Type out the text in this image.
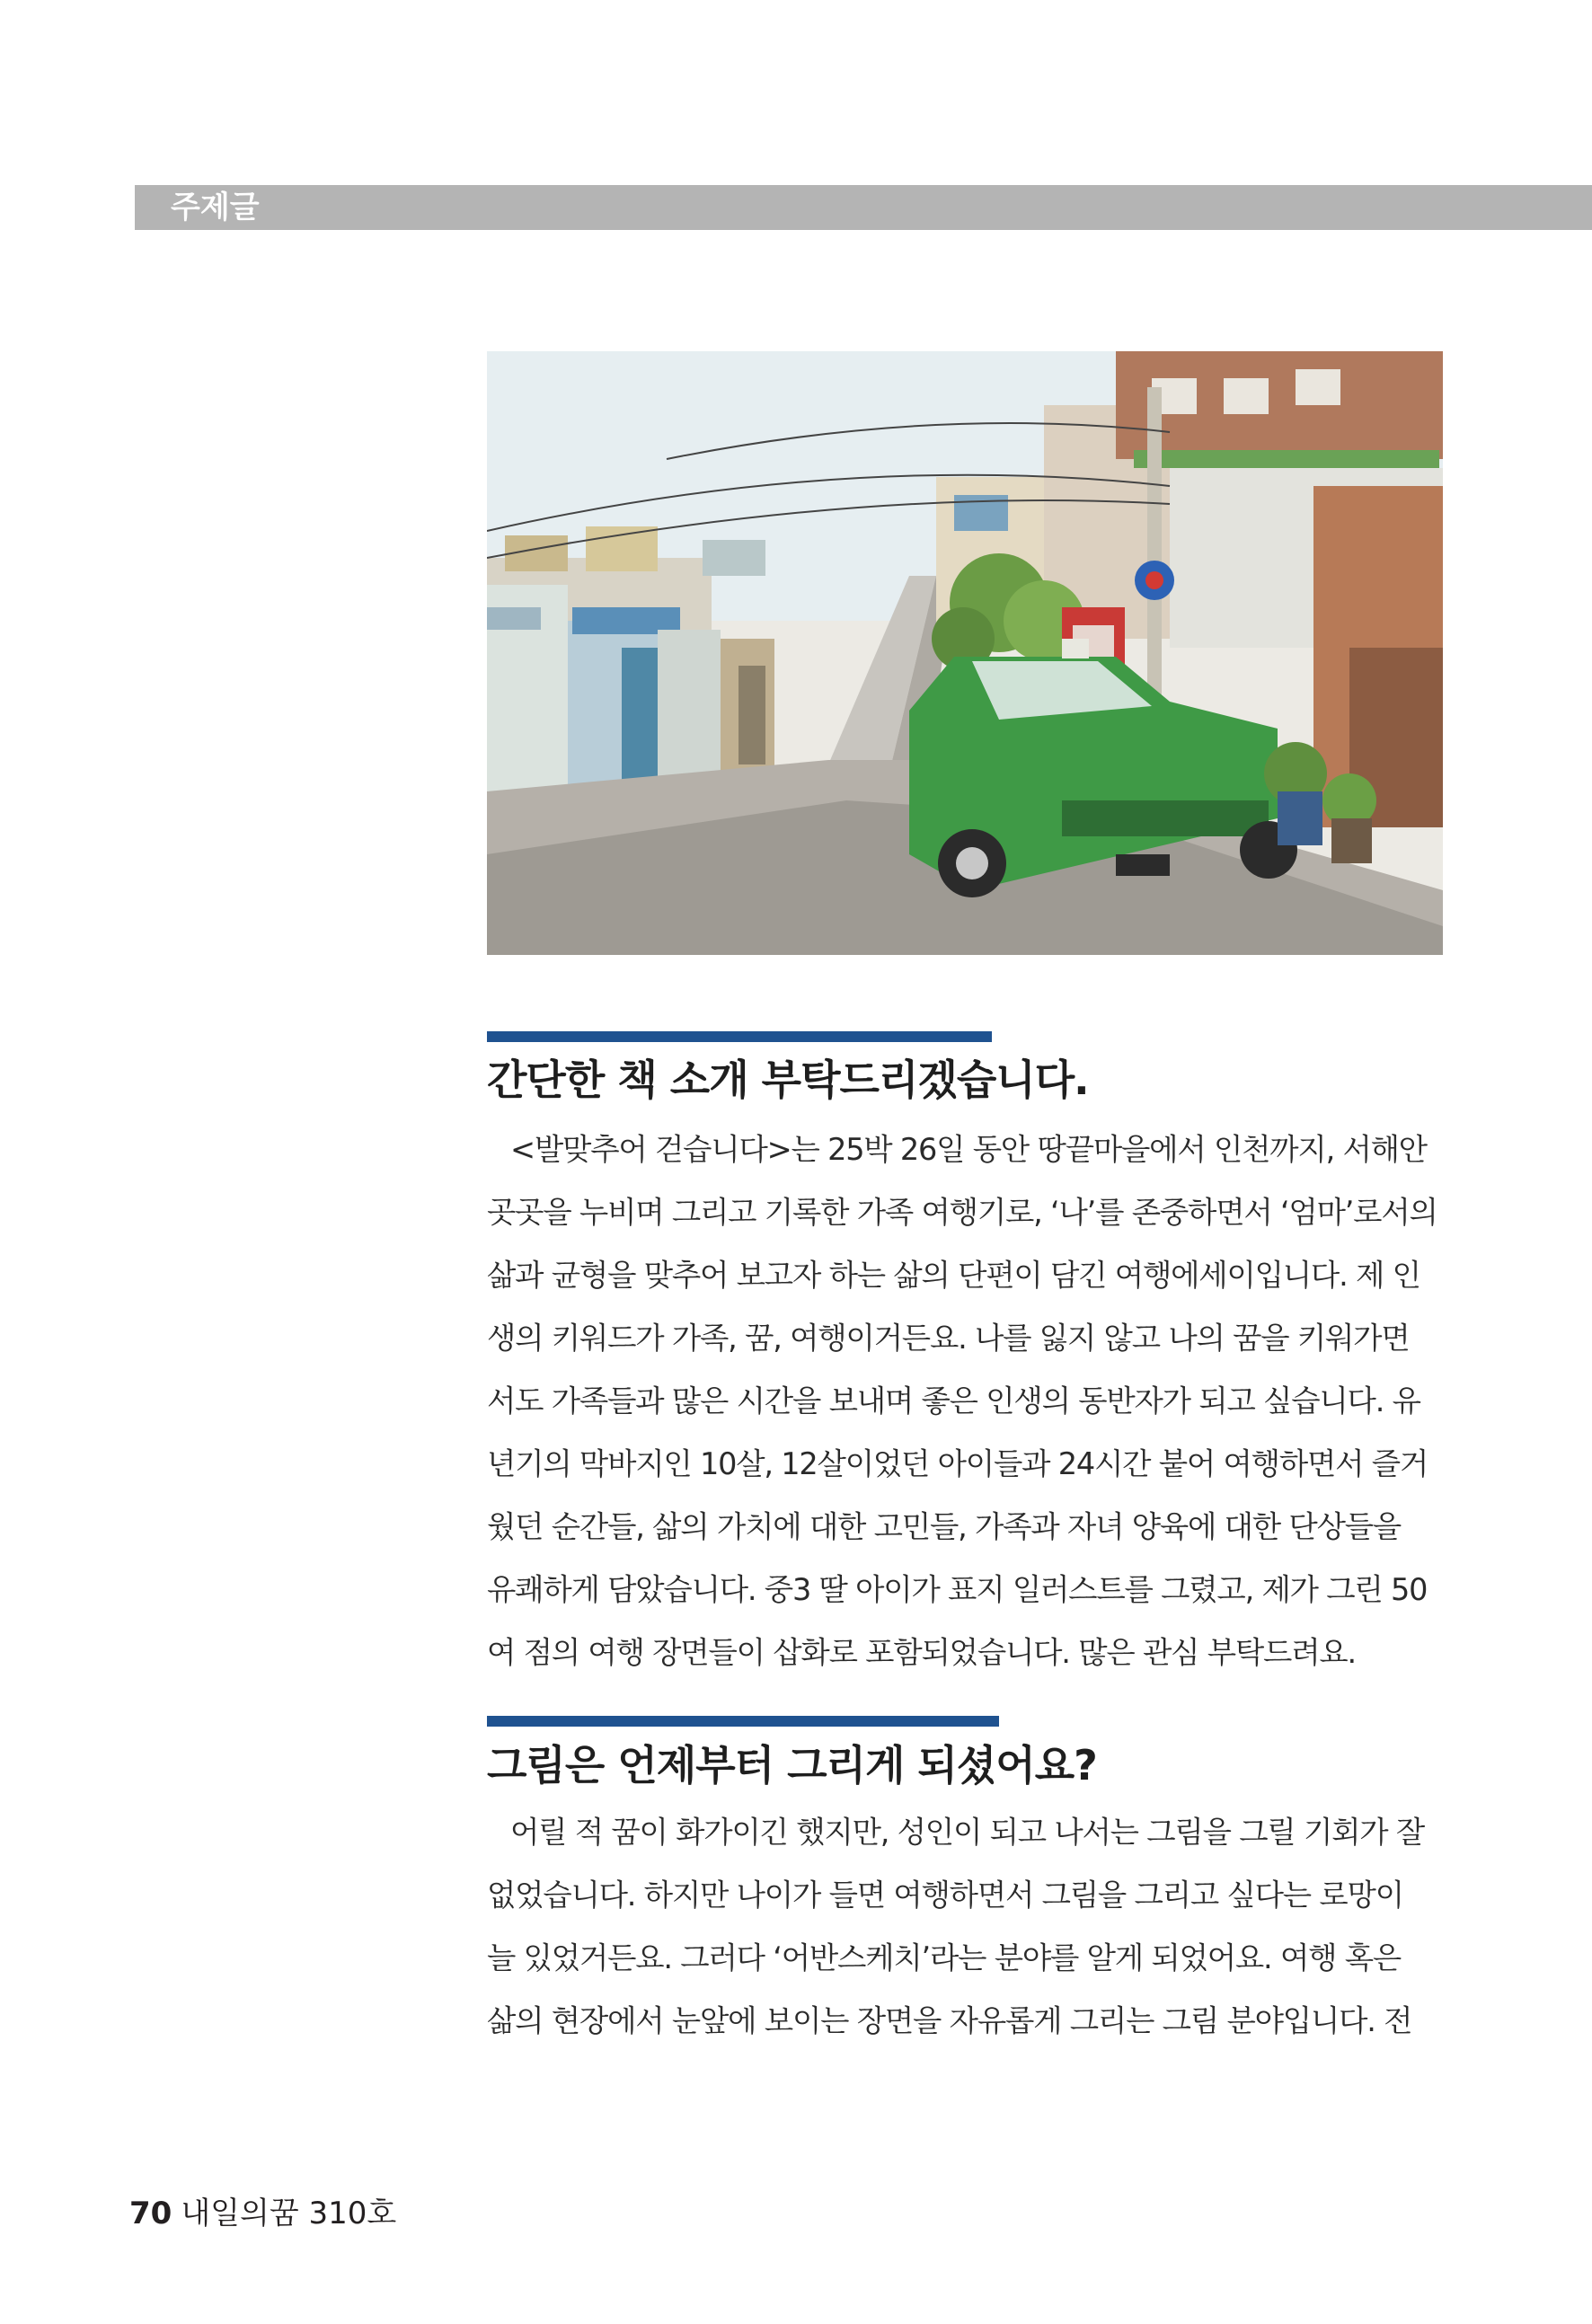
주제글
간단한 책 소개 부탁드리겠습니다.
<발맞추어 걷습니다>는 25박 26일 동안 땅끝마을에서 인천까지, 서해안
곳곳을 누비며 그리고 기록한 가족 여행기로, ‘나’를 존중하면서 ‘엄마’로서의
삶과 균형을 맞추어 보고자 하는 삶의 단편이 담긴 여행에세이입니다. 제 인
생의 키워드가 가족, 꿈, 여행이거든요. 나를 잃지 않고 나의 꿈을 키워가면
서도 가족들과 많은 시간을 보내며 좋은 인생의 동반자가 되고 싶습니다. 유
년기의 막바지인 10살, 12살이었던 아이들과 24시간 붙어 여행하면서 즐거
웠던 순간들, 삶의 가치에 대한 고민들, 가족과 자녀 양육에 대한 단상들을
유쾌하게 담았습니다. 중3 딸 아이가 표지 일러스트를 그렸고, 제가 그린 50
여 점의 여행 장면들이 삽화로 포함되었습니다. 많은 관심 부탁드려요.
그림은 언제부터 그리게 되셨어요?
어릴 적 꿈이 화가이긴 했지만, 성인이 되고 나서는 그림을 그릴 기회가 잘
없었습니다. 하지만 나이가 들면 여행하면서 그림을 그리고 싶다는 로망이
늘 있었거든요. 그러다 ‘어반스케치’라는 분야를 알게 되었어요. 여행 혹은
삶의 현장에서 눈앞에 보이는 장면을 자유롭게 그리는 그림 분야입니다. 전
70 내일의꿈 310호
